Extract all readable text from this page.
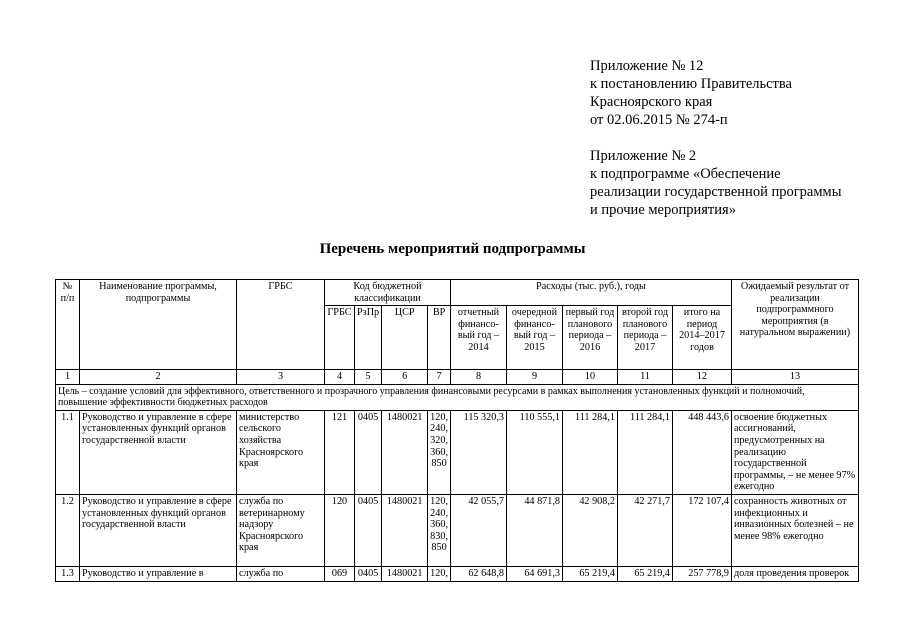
Приложение № 12
к постановлению Правительства
Красноярского края
от 02.06.2015 № 274-п
Приложение № 2
к подпрограмме «Обеспечение
реализации государственной программы
и прочие мероприятия»
Перечень мероприятий подпрограммы
№ п/п	Наименование программы, подпрограммы	ГРБС	Код бюджетной классификации				Расходы (тыс. руб.), годы					Ожидаемый результат от реализации подпрограммного мероприятия (в натуральном выражении)
			ГРБС	РзПр	ЦСР	ВР	отчетный финансо-вый год – 2014	очередной финансо-вый год – 2015	первый год планового периода – 2016	второй год планового периода – 2017	итого на период 2014–2017 годов	
1	2	3	4	5	6	7	8	9	10	11	12	13
Цель – создание условий для эффективного, ответственного и прозрачного управления финансовыми ресурсами в рамках выполнения установленных функций и полномочий, повышение эффективности бюджетных расходов												
1.1	Руководство и управление в сфере установленных функций органов государственной власти	министерство сельского хозяйства Красноярского края	121	0405	1480021	120, 240, 320, 360, 850	115 320,3	110 555,1	111 284,1	111 284,1	448 443,6	освоение бюджетных ассигнований, предусмотренных на реализацию государственной программы, – не менее 97% ежегодно
1.2	Руководство и управление в сфере установленных функций органов государственной власти	служба по ветеринарному надзору Красноярского края	120	0405	1480021	120, 240, 360, 830, 850	42 055,7	44 871,8	42 908,2	42 271,7	172 107,4	сохранность животных от инфекционных и инвазионных болезней – не менее 98% ежегодно
1.3	Руководство и управление в	служба по	069	0405	1480021	120,	62 648,8	64 691,3	65 219,4	65 219,4	257 778,9	доля проведения проверок
